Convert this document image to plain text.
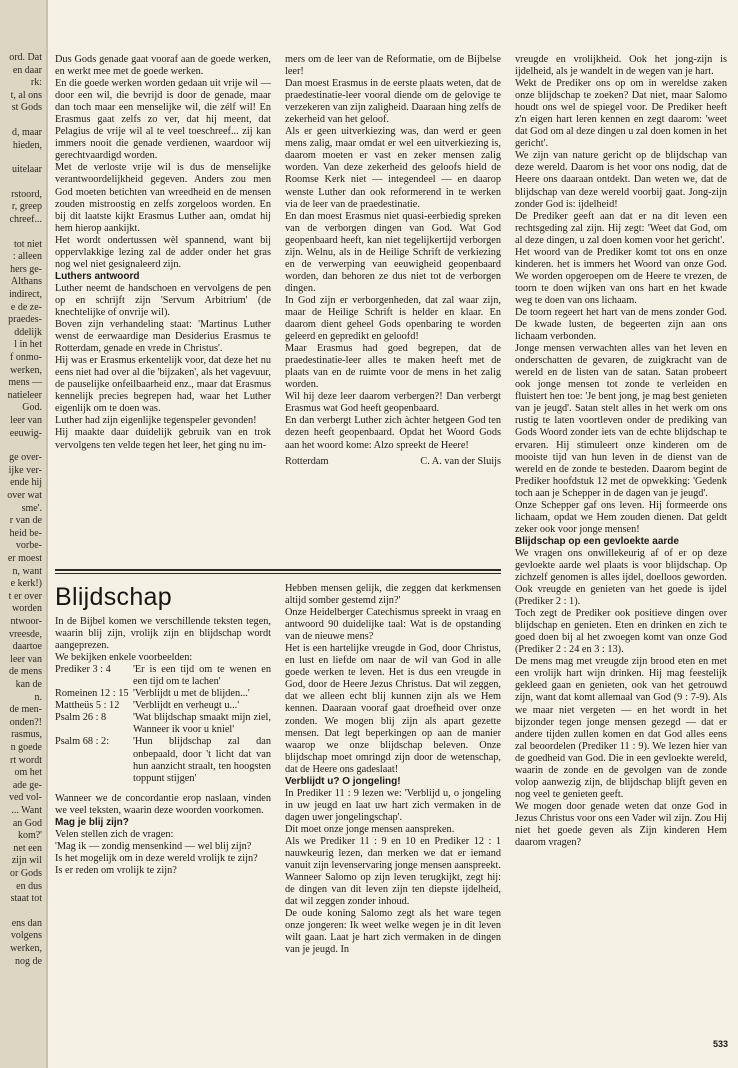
ord. Dat
en daar
rk:
t, al ons
st Gods
d, maar
hieden,
uitelaar
rstoord,
r, greep
chreef...
tot niet
: alleen
hers ge-
Althans
indirect,
e de ze-
praedes-
ddelijk
l in het
f onmo-
werken,
mens —
natieleer
God.
leer van
eeuwig-
ge over-
ijke ver-
ende hij
over wat
sme'.
r van de
heid be-
vorbe-
er moest
n, want
e kerk!)
t er over
worden
ntwoor-
vreesde,
daartoe
leer van
de mens
kan de
n.
de men-
onden?!
rasmus,
n goede
rt wordt
om het
ade ge-
ved vol-
... Want
an God
kom?'
net een
zijn wil
or Gods
en dus
staat tot
ens dan
volgens
werken,
nog de

Dus Gods genade gaat vooraf aan de goede werken, en werkt mee met de goede werken.

En die goede werken worden gedaan uit vrije wil — door een wil, die bevrijd is door de genade, maar dan toch maar een menselijke wil, die zélf wil! En Erasmus gaat zelfs zo ver, dat hij meent, dat Pelagius de vrije wil al te veel toeschreef... zij kan immers nooit die genade verdienen, waardoor wij gerechtvaardigd worden.

Met de verloste vrije wil is dus de menselijke verantwoordelijkheid gegeven. Anders zou men God moeten betichten van wreedheid en de mensen zouden mistroostig en zelfs zorgeloos worden. En bij dit laatste kijkt Erasmus Luther aan, omdat hij hem hierop aankijkt.

Het wordt ondertussen wèl spannend, want bij oppervlakkige lezing zal de adder onder het gras nog wel niet gesignaleerd zijn.

Luthers antwoord

Luther neemt de handschoen en vervolgens de pen op en schrijft zijn 'Servum Arbitrium' (de knechtelijke of onvrije wil).

Boven zijn verhandeling staat: 'Martinus Luther wenst de eerwaardige man Desiderius Erasmus te Rotterdam, genade en vrede in Christus'.

Hij was er Erasmus erkentelijk voor, dat deze het nu eens niet had over al die 'bijzaken', als het vagevuur, de pauselijke onfeilbaarheid enz., maar dat Erasmus kennelijk precies begrepen had, waar het Luther eigenlijk om te doen was.

Luther had zijn eigenlijke tegenspeler gevonden!

Hij maakte daar duidelijk gebruik van en trok vervolgens ten velde tegen het leer, het ging nu im-

mers om de leer van de Reformatie, om de Bijbelse leer!

Dan moest Erasmus in de eerste plaats weten, dat de praedestinatie-leer vooral diende om de gelovige te verzekeren van zijn zaligheid. Daaraan hing zelfs de zekerheid van het geloof.

Als er geen uitverkiezing was, dan werd er geen mens zalig, maar omdat er wel een uitverkiezing is, daarom moeten er vast en zeker mensen zalig worden. Van deze zekerheid des geloofs hield de Roomse Kerk niet — integendeel — en daarop wenste Luther dan ook reformerend in te werken via de leer van de praedestinatie.

En dan moest Erasmus niet quasi-eerbiedig spreken van de verborgen dingen van God. Wat God geopenbaard heeft, kan niet tegelijkertijd verborgen zijn. Welnu, als in de Heilige Schrift de verkiezing en de verwerping van eeuwigheid geopenbaard worden, dan behoren ze dus niet tot de verborgen dingen.

In God zijn er verborgenheden, dat zal waar zijn, maar de Heilige Schrift is helder en klaar. En daarom dient geheel Gods openbaring te worden geleerd en gepredikt en geloofd!

Maar Erasmus had goed begrepen, dat de praedestinatie-leer alles te maken heeft met de plaats van en de ruimte voor de mens in het zalig worden.

Wil hij deze leer daarom verbergen?! Dan verbergt Erasmus wat God heeft geopenbaard.

En dan verbergt Luther zich àchter hetgeen God ten dezen heeft geopenbaard. Opdat het Woord Gods aan het woord kome: Alzo spreekt de Heere!

Rotterdam	C. A. van der Sluijs
Blijdschap

In de Bijbel komen we verschillende teksten tegen, waarin blij zijn, vrolijk zijn en blijdschap wordt aangeprezen.

We bekijken enkele voorbeelden:

Prediker 3 : 4	'Er is een tijd om te wenen en een tijd om te lachen'
Romeinen 12 : 15	'Verblijdt u met de blijden...'
Mattheüs 5 : 12	'Verblijdt en verheugt u...'
Psalm 26 : 8	'Wat blijdschap smaakt mijn ziel, Wanneer ik voor u kniel'
Psalm 68 : 2:	'Hun blijdschap zal dan onbepaald, door 't licht dat van hun aanzicht straalt, ten hoogsten toppunt stijgen'

Wanneer we de concordantie erop naslaan, vinden we veel teksten, waarin deze woorden voorkomen.

Mag je blij zijn?

Velen stellen zich de vragen:

'Mag ik — zondig mensenkind — wel blij zijn?

Is het mogelijk om in deze wereld vrolijk te zijn?

Is er reden om vrolijk te zijn?

Hebben mensen gelijk, die zeggen dat kerkmensen altijd somber gestemd zijn?'

Onze Heidelberger Catechismus spreekt in vraag en antwoord 90 duidelijke taal: Wat is de opstanding van de nieuwe mens?

Het is een hartelijke vreugde in God, door Christus, en lust en liefde om naar de wil van God in alle goede werken te leven. Het is dus een vreugde in God, door de Heere Jezus Christus. Dat wil zeggen, dat we alleen echt blij kunnen zijn als we Hem kennen. Daaraan vooraf gaat droefheid over onze zonden. We mogen blij zijn als apart gezette mensen. Dat legt beperkingen op aan de manier waarop we onze blijdschap beleven. Onze blijdschap moet omringd zijn door de wetenschap, dat de Heere ons gadeslaat!

Verblijdt u? O jongeling!

In Prediker 11 : 9 lezen we: 'Verblijd u, o jongeling in uw jeugd en laat uw hart zich vermaken in de dagen uwer jongelingschap'.

Dit moet onze jonge mensen aanspreken.

Als we Prediker 11 : 9 en 10 en Prediker 12 : 1 nauwkeurig lezen, dan merken we dat er iemand vanuit zijn levenservaring jonge mensen aanspreekt. Wanneer Salomo op zijn leven terugkijkt, zegt hij: de dingen van dit leven zijn ten diepste ijdelheid, dat wil zeggen zonder inhoud.

De oude koning Salomo zegt als het ware tegen onze jongeren: Ik weet welke wegen je in dit leven wilt gaan. Laat je hart zich vermaken in de dingen van je jeugd. In

vreugde en vrolijkheid. Ook het jong-zijn is ijdelheid, als je wandelt in de wegen van je hart.

Wekt de Prediker ons op om in wereldse zaken onze blijdschap te zoeken? Dat niet, maar Salomo houdt ons wel de spiegel voor. De Prediker heeft z'n eigen hart leren kennen en zegt daarom: 'weet dat God om al deze dingen u zal doen komen in het gericht'.

We zijn van nature gericht op de blijdschap van deze wereld. Daarom is het voor ons nodig, dat de Heere ons daaraan ontdekt. Dan weten we, dat de blijdschap van deze wereld voorbij gaat. Jong-zijn zonder God is: ijdelheid!

De Prediker geeft aan dat er na dit leven een rechtsgeding zal zijn. Hij zegt: 'Weet dat God, om al deze dingen, u zal doen komen voor het gericht'.

Het woord van de Prediker komt tot ons en onze kinderen. het is immers het Woord van onze God. We worden opgeroepen om de Heere te vrezen, de toorn te doen wijken van ons hart en het kwade weg te doen van ons lichaam.

De toorn regeert het hart van de mens zonder God. De kwade lusten, de begeerten zijn aan ons lichaam verbonden.

Jonge mensen verwachten alles van het leven en onderschatten de gevaren, de zuigkracht van de wereld en de listen van de satan. Satan probeert ook jonge mensen tot zonde te verleiden en fluistert hen toe: 'Je bent jong, je mag best genieten van je jeugd'. Satan stelt alles in het werk om ons rustig te laten voortleven onder de prediking van Gods Woord zonder iets van de echte blijdschap te ervaren. Hij stimuleert onze kinderen om de mooiste tijd van hun leven in de dienst van de wereld en de zonde te besteden. Daarom begint de Prediker hoofdstuk 12 met de opwekking: 'Gedenk toch aan je Schepper in de dagen van je jeugd'.

Onze Schepper gaf ons leven. Hij formeerde ons lichaam, opdat we Hem zouden dienen. Dat geldt zeker ook voor jonge mensen!

Blijdschap op een gevloekte aarde

We vragen ons onwillekeurig af of er op deze gevloekte aarde wel plaats is voor blijdschap. Op zichzelf genomen is alles ijdel, doelloos geworden. Ook vreugde en genieten van het goede is ijdel (Prediker 2 : 1).

Toch zegt de Prediker ook positieve dingen over blijdschap en genieten. Eten en drinken en zich te goed doen bij al het zwoegen komt van onze God (Prediker 2 : 24 en 3 : 13).

De mens mag met vreugde zijn brood eten en met een vrolijk hart wijn drinken. Hij mag feestelijk gekleed gaan en genieten, ook van het getrouwd zijn, want dat komt allemaal van God (9 : 7-9). Als we maar niet vergeten — en het wordt in het bijzonder tegen jonge mensen gezegd — dat er andere tijden zullen komen en dat God alles eens zal beoordelen (Prediker 11 : 9). We lezen hier van de goedheid van God. Die in een gevloekte wereld, waarin de zonde en de gevolgen van de zonde volop aanwezig zijn, de blijdschap blijft geven en nog veel te genieten geeft.

We mogen door genade weten dat onze God in Jezus Christus voor ons een Vader wil zijn. Zou Hij niet het goede geven als Zijn kinderen Hem daarom vragen?

533
